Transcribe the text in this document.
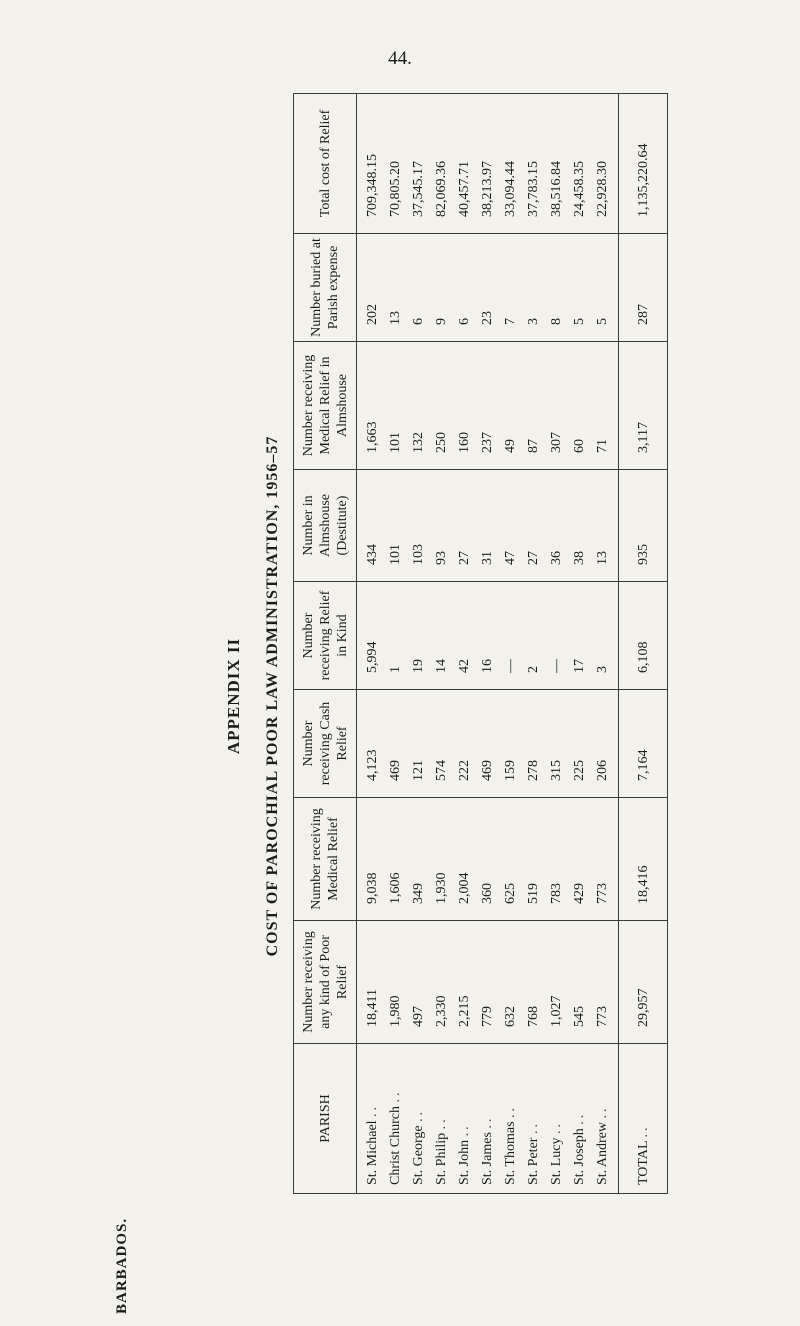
44.
BARBADOS.
APPENDIX II COST OF PAROCHIAL POOR LAW ADMINISTRATION, 1956–57
PARISH	Number receiving any kind of Poor Relief	Number receiving Medical Relief	Number receiving Cash Relief	Number receiving Relief in Kind	Number in Almshouse (Destitute)	Number receiving Medical Relief in Almshouse	Number buried at Parish expense	Total cost of Relief
St. Michael ..	18,411	9,038	4,123	5,994	434	1,663	202	709,348.15
Christ Church ..	1,980	1,606	469	1	101	101	13	70,805.20
St. George ..	497	349	121	19	103	132	6	37,545.17
St. Philip ..	2,330	1,930	574	14	93	250	9	82,069.36
St. John ..	2,215	2,004	222	42	27	160	6	40,457.71
St. James ..	779	360	469	16	31	237	23	38,213.97
St. Thomas ..	632	625	159	—	47	49	7	33,094.44
St. Peter ..	768	519	278	2	27	87	3	37,783.15
St. Lucy ..	1,027	783	315	—	36	307	8	38,516.84
St. Joseph ..	545	429	225	17	38	60	5	24,458.35
St. Andrew ..	773	773	206	3	13	71	5	22,928.30
TOTAL ..	29,957	18,416	7,164	6,108	935	3,117	287	1,135,220.64
